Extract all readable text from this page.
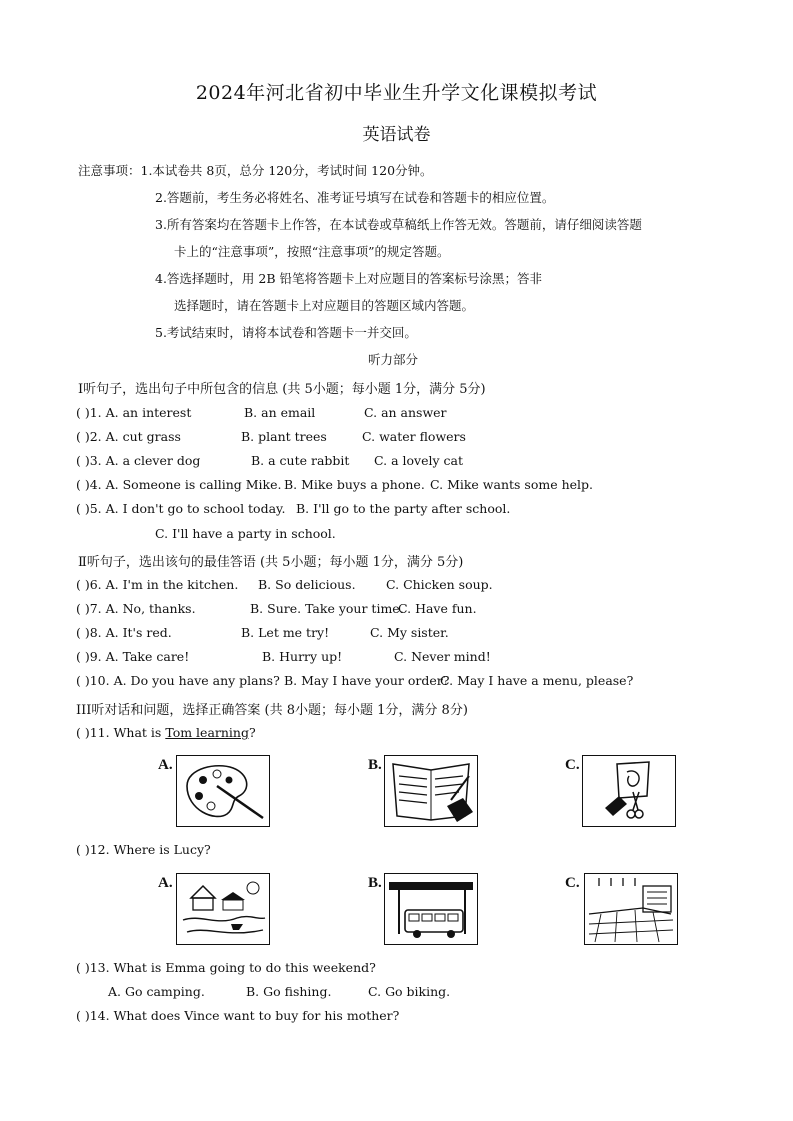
2024年河北省初中毕业生升学文化课模拟考试
英语试卷
注意事项：1.本试卷共 8页，总分 120分，考试时间 120分钟。
2.答题前，考生务必将姓名、准考证号填写在试卷和答题卡的相应位置。
3.所有答案均在答题卡上作答，在本试卷或草稿纸上作答无效。答题前，请仔细阅读答题
卡上的“注意事项”，按照“注意事项”的规定答题。
4.答选择题时，用 2B 铅笔将答题卡上对应题目的答案标号涂黑；答非
选择题时，请在答题卡上对应题目的答题区域内答题。
5.考试结束时，请将本试卷和答题卡一并交回。
听力部分
Ⅰ听句子，选出句子中所包含的信息 (共 5小题；每小题 1分，满分 5分)
( )1. A. an interest	B. an email	C. an answer
( )2. A. cut grass	B. plant trees	C. water flowers
( )3. A. a clever dog	B. a cute rabbit C. a lovely cat
( )4. A. Someone is calling Mike. B. Mike buys a phone. C. Mike wants some help.
( )5. A. I don't go to school today. B. I'll go to the party after school.
C. I'll have a party in school.
Ⅱ听句子，选出该句的最佳答语 (共 5小题；每小题 1分，满分 5分)
( )6. A. I'm in the kitchen. B. So delicious. C. Chicken soup.
( )7. A. No, thanks.	B. Sure. Take your time.
C. Have fun.
( )8. A. It's red.	B. Let me try!	C. My sister.
( )9. A. Take care!	B. Hurry up!	C. Never mind!
( )10. A. Do you have any plans? B. May I have your order?
C. May I have a menu, please?
III听对话和问题，选择正确答案 (共 8小题；每小题 1分，满分 8分)
( )11. What is Tom learning?
A.	B.	C.
( )12. Where is Lucy?
A.	B.	C.
( )13. What is Emma going to do this weekend?
A. Go camping.	B. Go fishing.	C. Go biking.
( )14. What does Vince want to buy for his mother?
